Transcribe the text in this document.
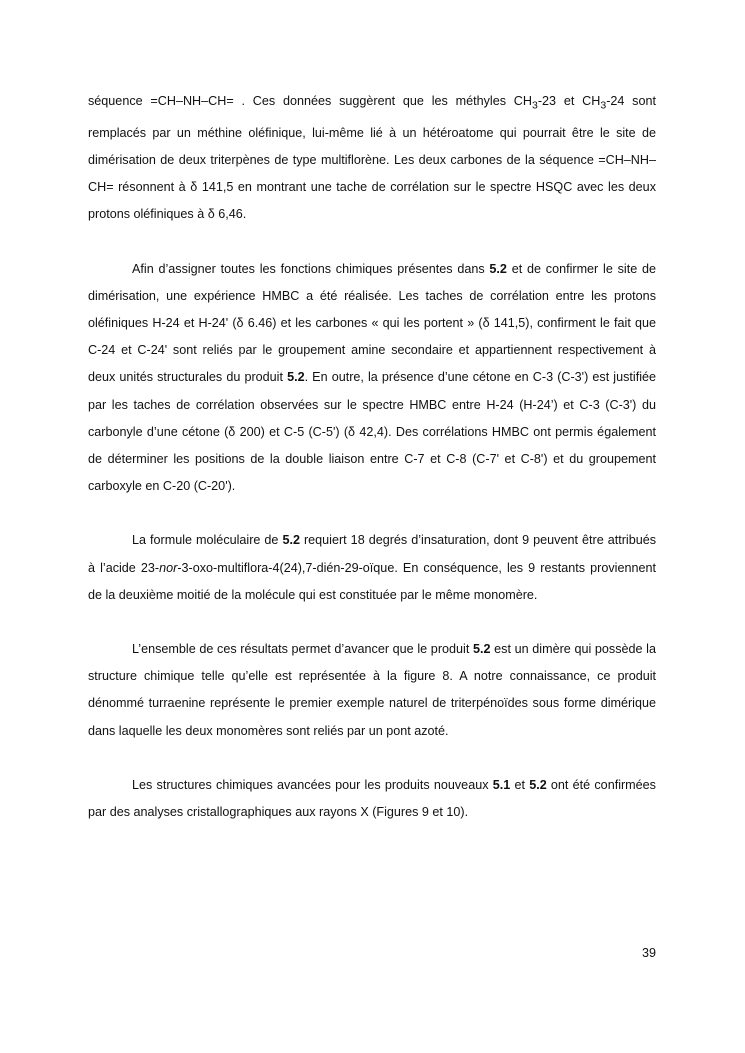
séquence =CH–NH–CH= . Ces données suggèrent que les méthyles $CH_3-23$ et $CH_3-24$ sont remplacés par un méthine oléfinique, lui-même lié à un hétéroatome qui pourrait être le site de dimérisation de deux triterpènes de type multiflorène. Les deux carbones de la séquence =CH–NH–CH= résonnent à δ 141,5 en montrant une tache de corrélation sur le spectre HSQC avec les deux protons oléfiniques à δ 6,46.

Afin d’assigner toutes les fonctions chimiques présentes dans 5.2 et de confirmer le site de dimérisation, une expérience HMBC a été réalisée. Les taches de corrélation entre les protons oléfiniques H-24 et H-24' (δ 6.46) et les carbones « qui les portent » (δ 141,5), confirment le fait que C-24 et C-24' sont reliés par le groupement amine secondaire et appartiennent respectivement à deux unités structurales du produit 5.2. En outre, la présence d’une cétone en C-3 (C-3') est justifiée par les taches de corrélation observées sur le spectre HMBC entre H-24 (H-24’) et C-3 (C-3') du carbonyle d’une cétone (δ 200) et C-5 (C-5') (δ 42,4). Des corrélations HMBC ont permis également de déterminer les positions de la double liaison entre C-7 et C-8 (C-7' et C-8') et du groupement carboxyle en C-20 (C-20').

La formule moléculaire de 5.2 requiert 18 degrés d’insaturation, dont 9 peuvent être attribués à l’acide 23-nor-3-oxo-multiflora-4(24),7-dién-29-oïque. En conséquence, les 9 restants proviennent de la deuxième moitié de la molécule qui est constituée par le même monomère.

L’ensemble de ces résultats permet d’avancer que le produit 5.2 est un dimère qui possède la structure chimique telle qu’elle est représentée à la figure 8. A notre connaissance, ce produit dénommé turraenine représente le premier exemple naturel de triterpénoïdes sous forme dimérique dans laquelle les deux monomères sont reliés par un pont azoté.

Les structures chimiques avancées pour les produits nouveaux 5.1 et 5.2 ont été confirmées par des analyses cristallographiques aux rayons X (Figures 9 et 10).

39
